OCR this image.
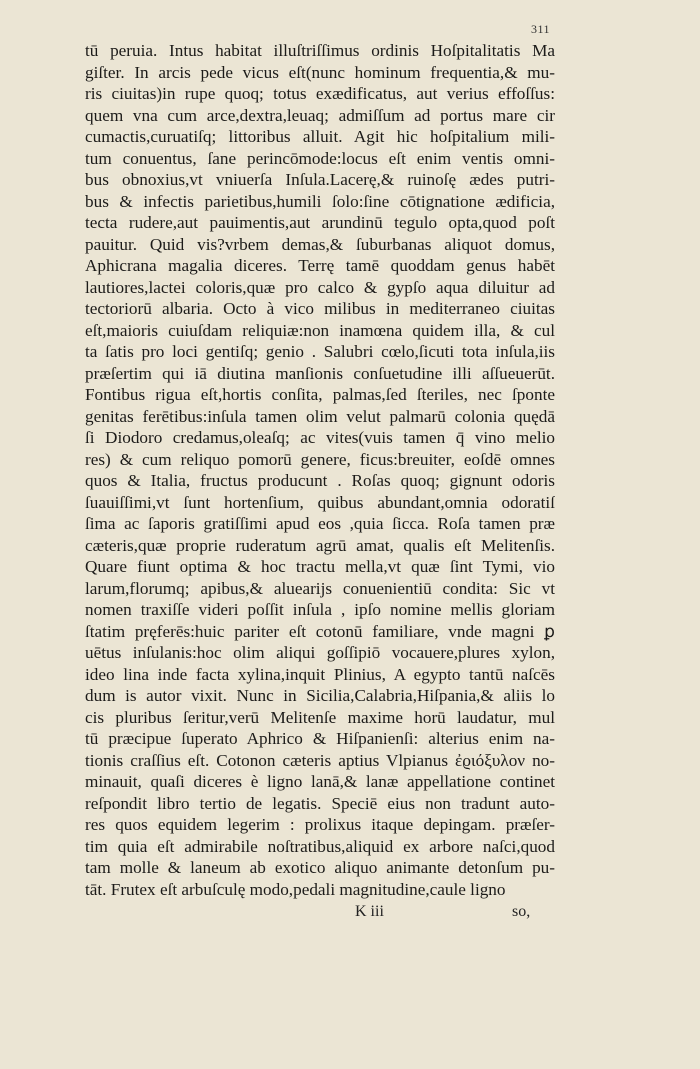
311
tū peruia. Intus habitat illuſtriſſimus ordinis Hoſpitalitatis Ma
giſter. In arcis pede vicus eſt(nunc hominum frequentia,& mu-
ris ciuitas)in rupe quoq; totus exædificatus, aut verius effoſſus:
quem vna cum arce,dextra,leuaq; admiſſum ad portus mare cir
cumactis,curuatiſq; littoribus alluit. Agit hic hoſpitalium mili-
tum conuentus, ſane perincōmode:locus eſt enim ventis omni-
bus obnoxius,vt vniuerſa Inſula.Lacerę,& ruinoſę ædes putri-
bus & infectis parietibus,humili ſolo:ſine cōtignatione ædificia,
tecta rudere,aut pauimentis,aut arundinū tegulo opta,quod poſt
pauitur. Quid vis?vrbem demas,& ſuburbanas aliquot domus,
Aphicrana magalia diceres. Terrę tamē quoddam genus habēt
lautiores,lactei coloris,quæ pro calco & gypſo aqua diluitur ad
tectoriorū albaria. Octo à vico milibus in mediterraneo ciuitas
eſt,maioris cuiuſdam reliquiæ:non inamœna quidem illa, & cul
ta ſatis pro loci gentiſq; genio . Salubri cœlo,ſicuti tota inſula,iis
præſertim qui iā diutina manſionis conſuetudine illi aſſueuerūt.
Fontibus rigua eſt,hortis conſita, palmas,ſed ſteriles, nec ſponte
genitas ferētibus:inſula tamen olim velut palmarū colonia quędā
ſi Diodoro credamus,oleaſq; ac vites(vuis tamen q̄ vino melio
res) & cum reliquo pomorū genere, ficus:breuiter, eoſdē omnes
quos & Italia, fructus producunt . Roſas quoq; gignunt odoris
ſuauiſſimi,vt ſunt hortenſium, quibus abundant,omnia odoratiſ
ſima ac ſaporis gratiſſimi apud eos ,quia ſicca. Roſa tamen præ
cæteris,quæ proprie ruderatum agrū amat, qualis eſt Melitenſis.
Quare fiunt optima & hoc tractu mella,vt quæ ſint Tymi, vio
larum,florumq; apibus,& aluearijs conuenientiū condita: Sic vt
nomen traxiſſe videri poſſit inſula , ipſo nomine mellis gloriam
ſtatim pręferēs:huic pariter eſt cotonū familiare, vnde magni ꝑ
uētus inſulanis:hoc olim aliqui goſſipiō vocauere,plures xylon,
ideo lina inde facta xylina,inquit Plinius, A egypto tantū naſcēs
dum is autor vixit. Nunc in Sicilia,Calabria,Hiſpania,& aliis lo
cis pluribus ſeritur,verū Melitenſe maxime horū laudatur, mul
tū præcipue ſuperato Aphrico & Hiſpanienſi: alterius enim na-
tionis craſſius eſt. Cotonon cæteris aptius Vlpianus ἐϱιόξυλον no-
minauit, quaſi diceres è ligno lanā,& lanæ appellatione continet
reſpondit libro tertio de legatis. Speciē eius non tradunt autο-
res quos equidem legerim : prolixus itaque depingam. præſer-
tim quia eſt admirabile noſtratibus,aliquid ex arbore naſci,quod
tam molle & laneum ab exotico aliquo animante detonſum pu-
tāt. Frutex eſt arbuſculę modo,pedali magnitudine,caule ligno
K iii	so,
